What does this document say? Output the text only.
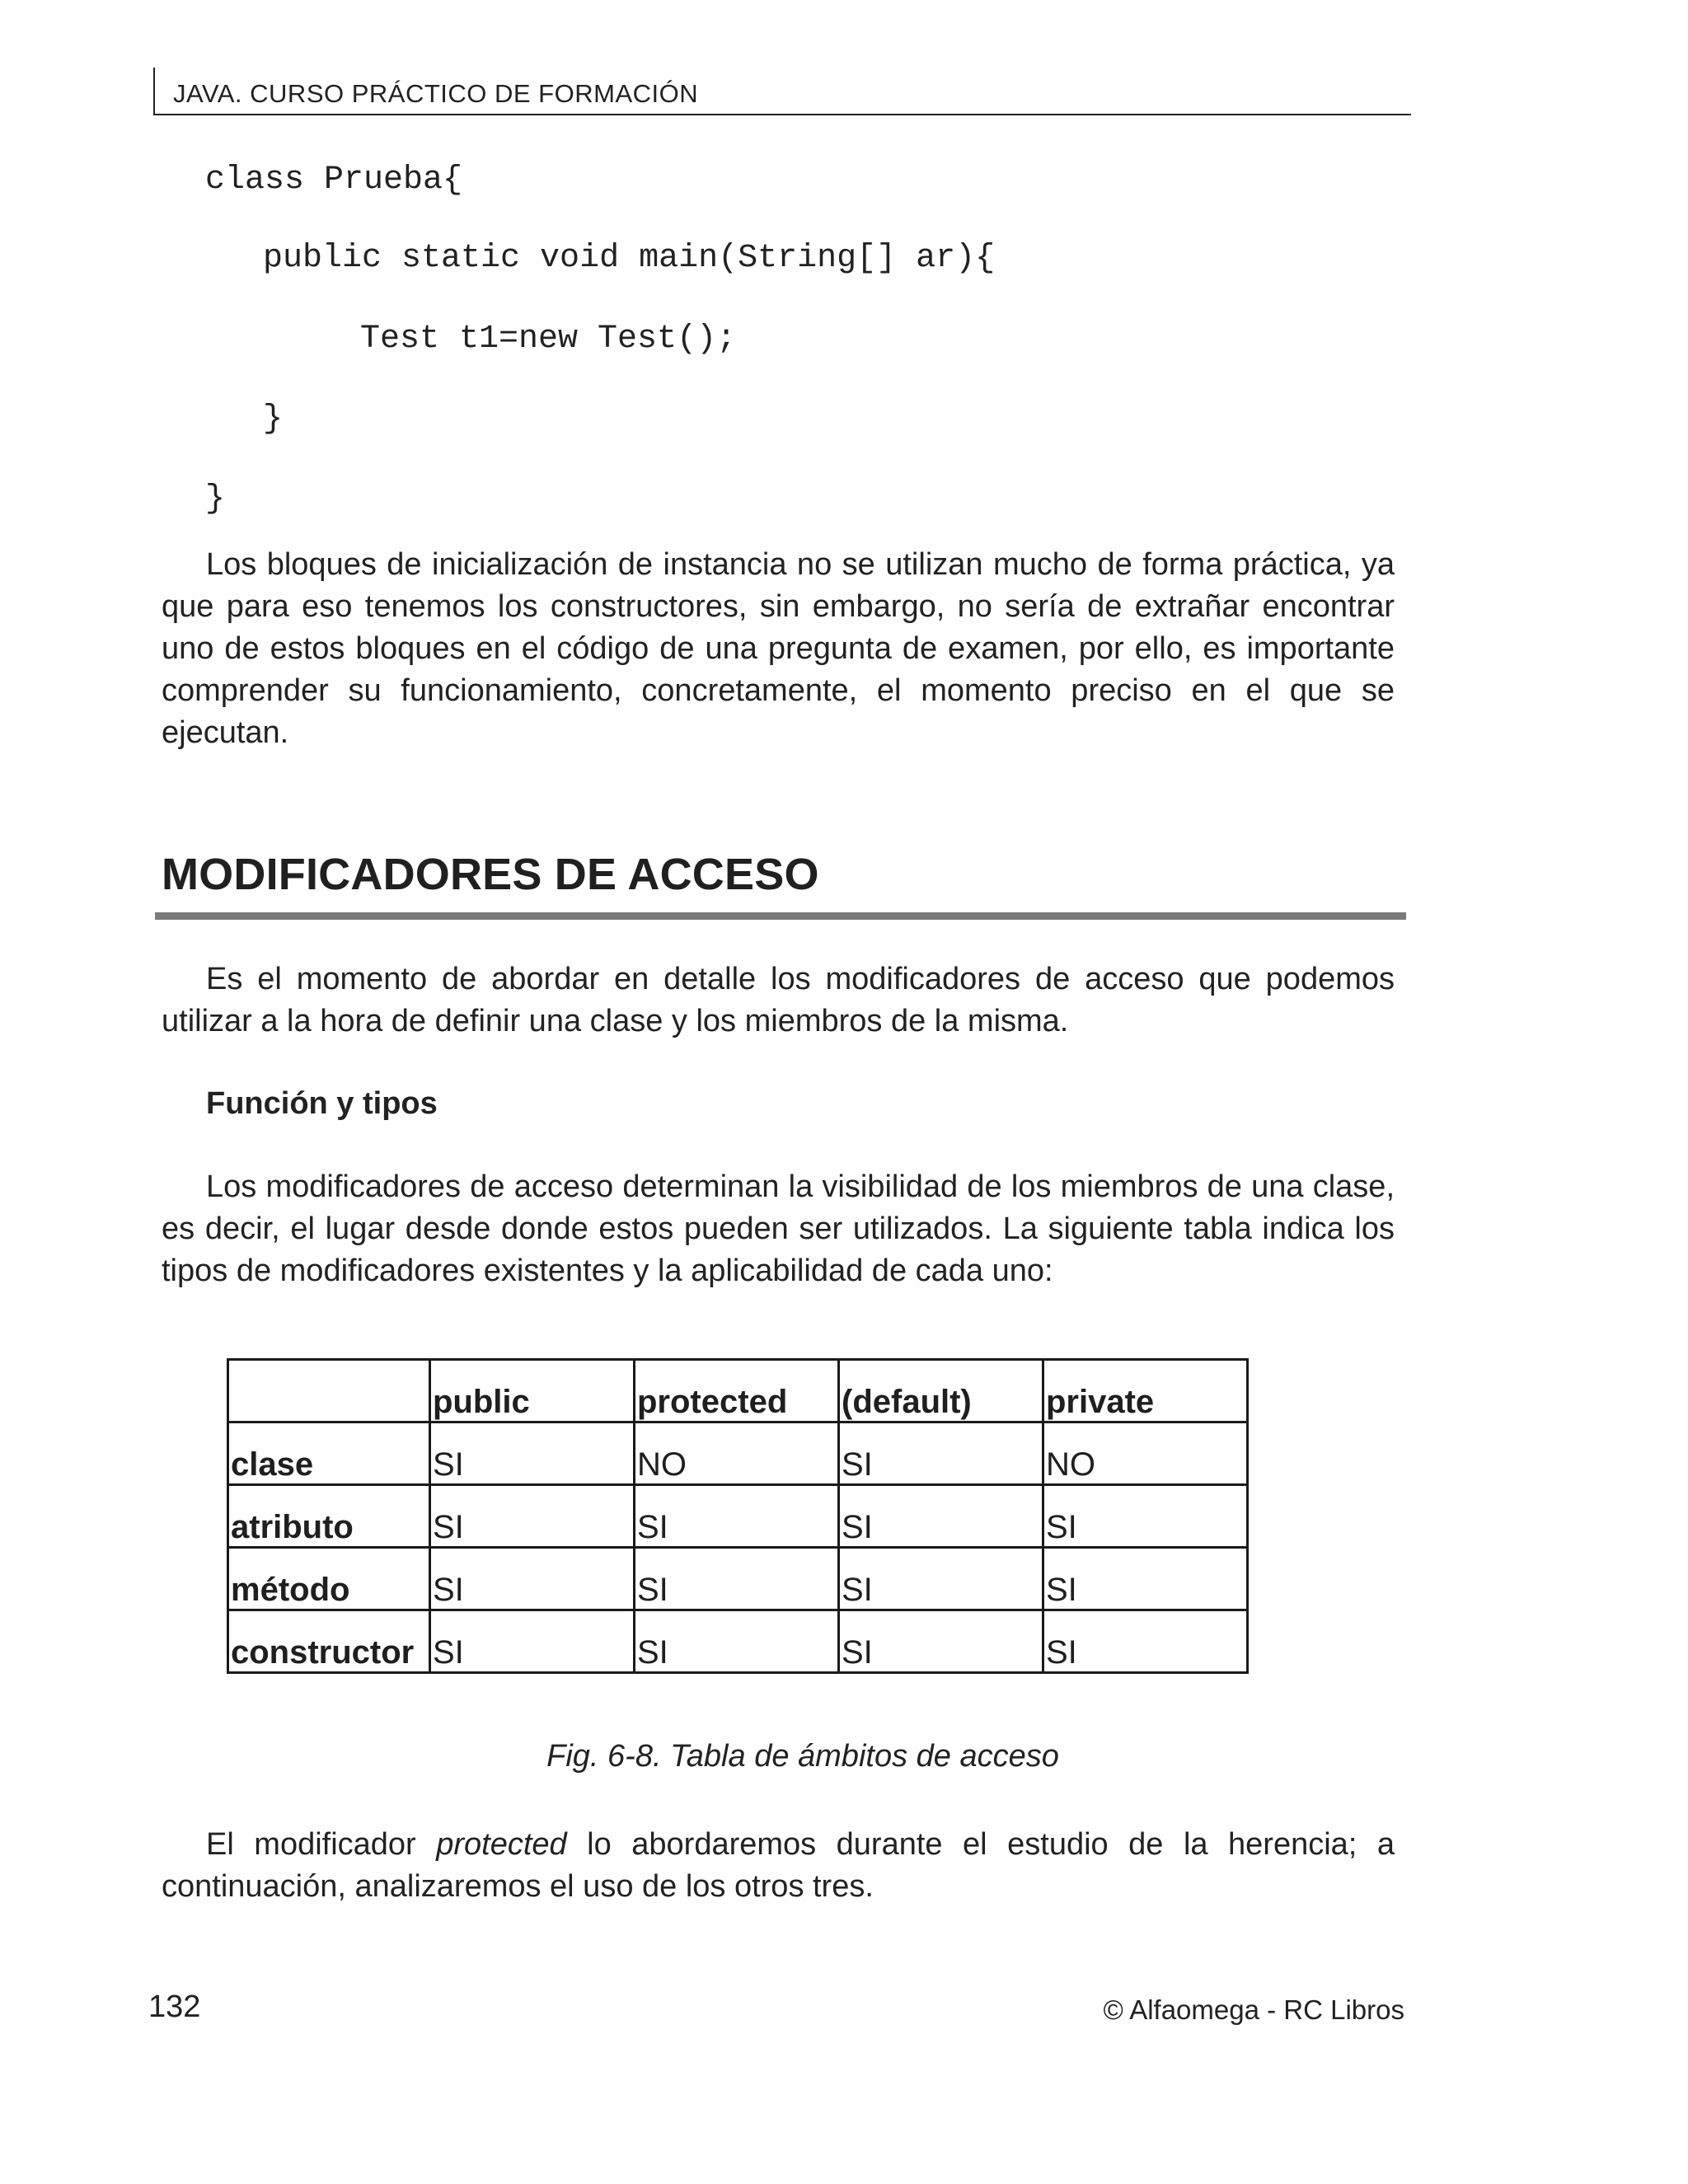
JAVA. CURSO PRÁCTICO DE FORMACIÓN
class Prueba{
public static void main(String[] ar){
Test t1=new Test();
}
}

Los bloques de inicialización de instancia no se utilizan mucho de forma práctica, ya que para eso tenemos los constructores, sin embargo, no sería de extrañar encontrar uno de estos bloques en el código de una pregunta de examen, por ello, es importante comprender su funcionamiento, concretamente, el momento preciso en el que se ejecutan.

MODIFICADORES DE ACCESO

Es el momento de abordar en detalle los modificadores de acceso que podemos utilizar a la hora de definir una clase y los miembros de la misma.

Función y tipos

Los modificadores de acceso determinan la visibilidad de los miembros de una clase, es decir, el lugar desde donde estos pueden ser utilizados. La siguiente tabla indica los tipos de modificadores existentes y la aplicabilidad de cada uno:

	public	protected	(default)	private
clase	SI	NO	SI	NO
atributo	SI	SI	SI	SI
método	SI	SI	SI	SI
constructor	SI	SI	SI	SI
Fig. 6-8. Tabla de ámbitos de acceso

El modificador protected lo abordaremos durante el estudio de la herencia; a continuación, analizaremos el uso de los otros tres.

132	© Alfaomega - RC Libros
